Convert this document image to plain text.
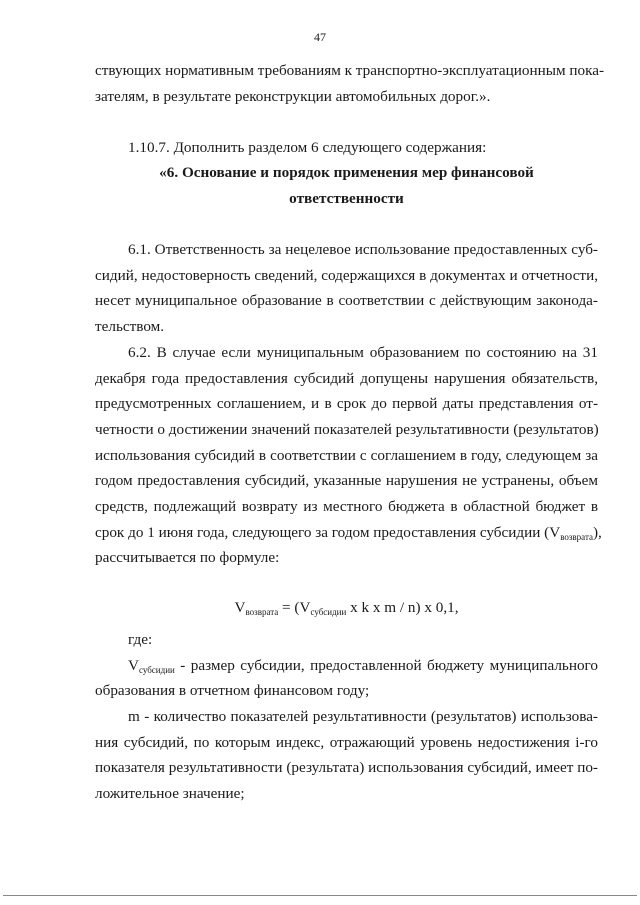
47
ствующих нормативным требованиям к транспортно-эксплуатационным пока-
зателям, в результате реконструкции автомобильных дорог.».
1.10.7. Дополнить разделом 6 следующего содержания:
«6. Основание и порядок применения мер финансовой
ответственности
6.1. Ответственность за нецелевое использование предоставленных суб-
сидий, недостоверность сведений, содержащихся в документах и отчетности,
несет муниципальное образование в соответствии с действующим законода-
тельством.
6.2. В случае если муниципальным образованием по состоянию на 31
декабря года предоставления субсидий допущены нарушения обязательств,
предусмотренных соглашением, и в срок до первой даты представления от-
четности о достижении значений показателей результативности (результатов)
использования субсидий в соответствии с соглашением в году, следующем за
годом предоставления субсидий, указанные нарушения не устранены, объем
средств, подлежащий возврату из местного бюджета в областной бюджет в
срок до 1 июня года, следующего за годом предоставления субсидии $(V_{возврата})$,
рассчитывается по формуле:
$V_{возврата} = (V_{субсидии}$ x k x m / n) x 0,1,
где:
$V_{субсидии}$ - размер субсидии, предоставленной бюджету муниципального
образования в отчетном финансовом году;
m - количество показателей результативности (результатов) использова-
ния субсидий, по которым индекс, отражающий уровень недостижения i-го
показателя результативности (результата) использования субсидий, имеет по-
ложительное значение;
